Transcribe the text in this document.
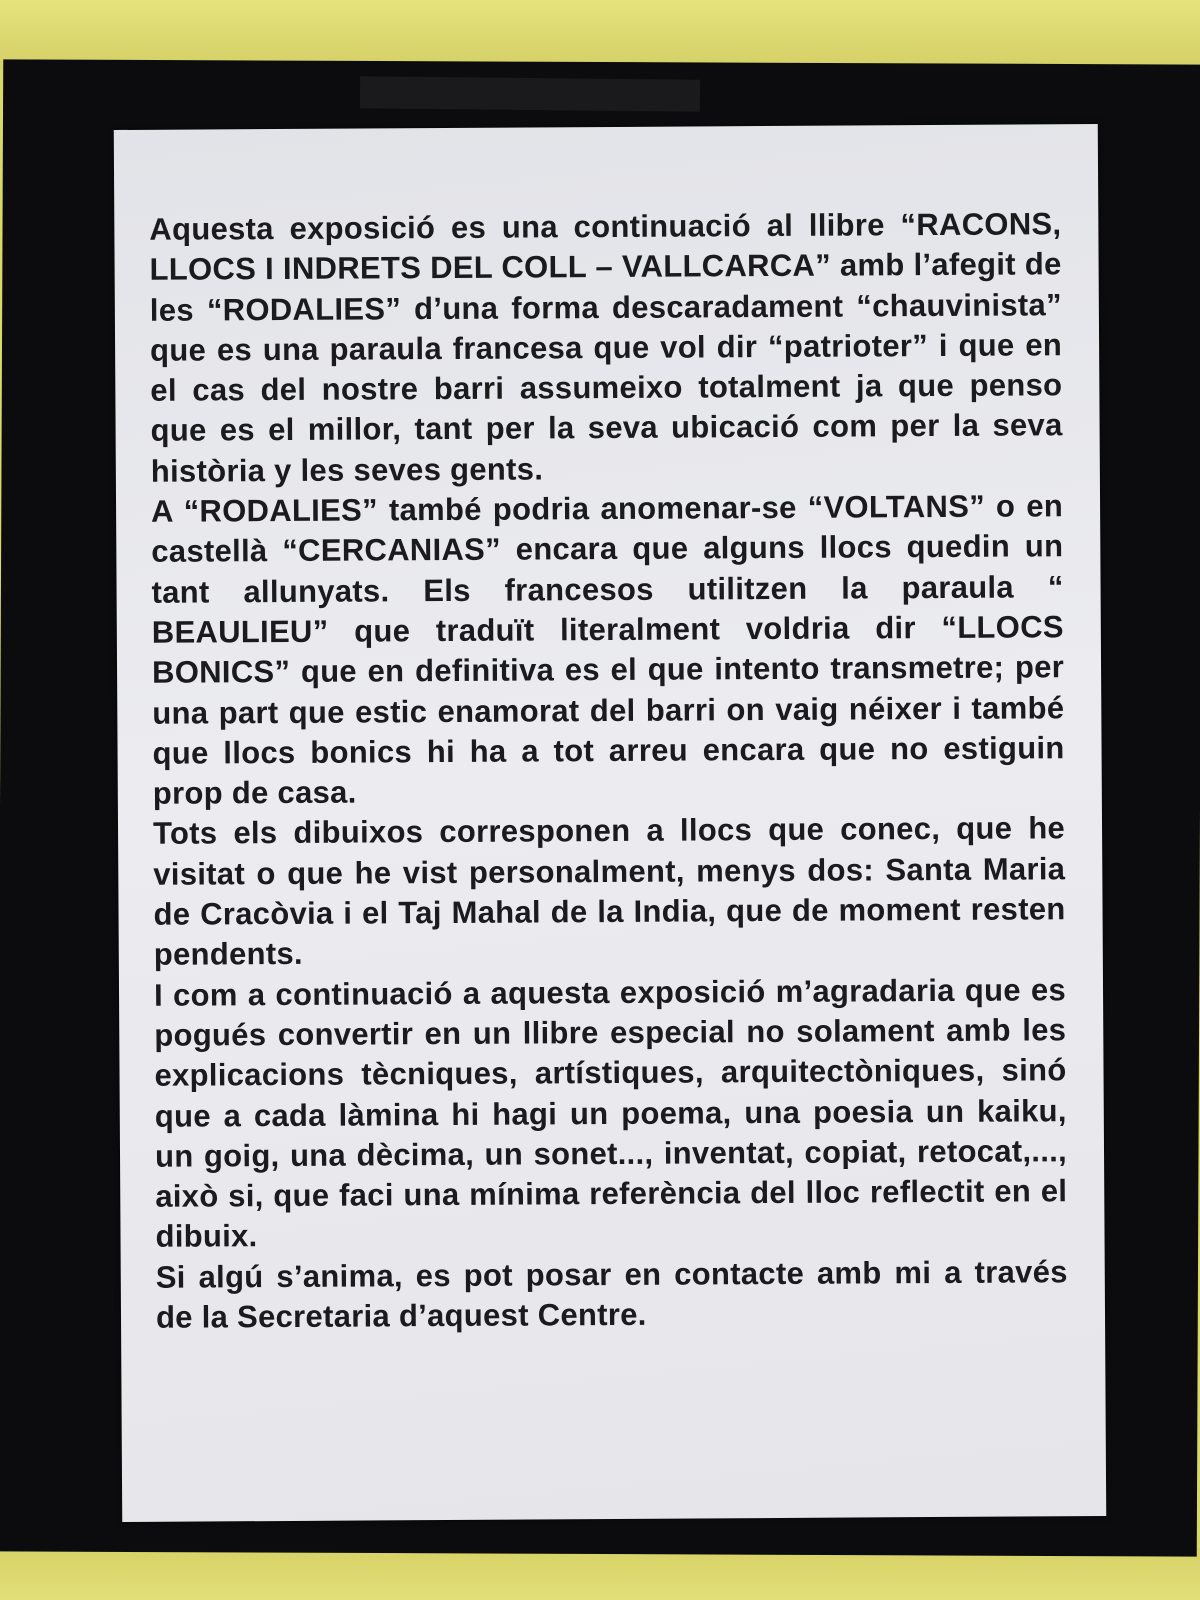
Aquesta exposició es una continuació al llibre “RACONS, LLOCS I INDRETS DEL COLL – VALLCARCA” amb l’afegit de les “RODALIES” d’una forma descaradament “chauvinista” que es una paraula francesa que vol dir “patrioter” i que en el cas del nostre barri assumeixo totalment ja que penso que es el millor, tant per la seva ubicació com per la seva història y les seves gents.

A “RODALIES” també podria anomenar-se “VOLTANS” o en castellà “CERCANIAS” encara que alguns llocs quedin un tant allunyats. Els francesos utilitzen la paraula “ BEAULIEU” que traduït literalment voldria dir “LLOCS BONICS” que en definitiva es el que intento transmetre; per una part que estic enamorat del barri on vaig néixer i també que llocs bonics hi ha a tot arreu encara que no estiguin prop de casa.

Tots els dibuixos corresponen a llocs que conec, que he visitat o que he vist personalment, menys dos: Santa Maria de Cracòvia i el Taj Mahal de la India, que de moment resten pendents.

I com a continuació a aquesta exposició m’agradaria que es pogués convertir en un llibre especial no solament amb les explicacions tècniques, artístiques, arquitectòniques, sinó que a cada làmina hi hagi un poema, una poesia un kaiku, un goig, una dècima, un sonet..., inventat, copiat, retocat,..., això si, que faci una mínima referència del lloc reflectit en el dibuix.

Si algú s’anima, es pot posar en contacte amb mi a través de la Secretaria d’aquest Centre.
